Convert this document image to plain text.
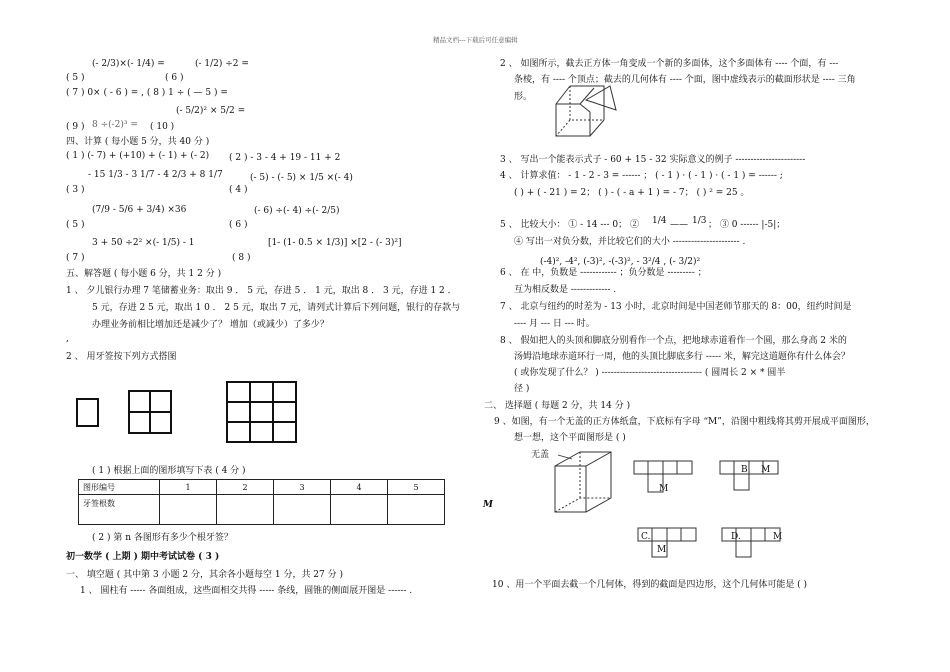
精品文档---下载后可任意编辑
(- 2/3)×(- 1/4) =
( 5 )
(- 1/2) ÷2 =
( 6 )
( 7 ) 0× ( - 6 ) = , ( 8 ) 1 ÷ ( — 5 ) =
(- 5/2)² × 5/2 =
( 9 ) 8 ÷(-2)³ = ( 10 )
四、计算 ( 每小题 5 分，共 40 分 )
( 1 ) (- 7) + (+10) + (- 1) + (- 2) ( 2 ) - 3 - 4 + 19 - 11 + 2
- 15 1/3 - 3 1/7 - 4 2/3 + 8 1/7
( 3 )
(- 5) - (- 5) × 1/5 ×(- 4)
( 4 )
(7/9 - 5/6 + 3/4) ×36
( 5 )
(- 6) ÷(- 4) ÷(- 2/5)
( 6 )
3 + 50 ÷2² ×(- 1/5) - 1
( 7 )
[1- (1- 0.5 × 1/3)] ×[2 - (- 3)²]
( 8 )
五、解答题 ( 每小题 6 分，共 1 2 分 )
1 、 夕儿银行办理 7 笔储蓄业务：取出 9 ． 5 元，存进 5 ． 1 元，取出 8 ． 3 元，存进 1 2 ．
5 元，存进 2 5 元，取出 1 0 ． 2 5 元，取出 7 元，请列式计算后下列问题，银行的存款与
办理业务前相比增加还是减少了？ 增加（或减少）了多少？
,
2 、 用牙签按下列方式搭图
( 1 ) 根据上面的图形填写下表 ( 4 分 )
图形编号	1	2	3	4	5
牙签根数					
( 2 ) 第 n 各图形有多少个根牙签？
初一数学 ( 上期 ) 期中考试试卷 ( 3 )
一、 填空题 ( 其中第 3 小题 2 分，其余各小题每空 1 分，共 27 分 )
1 、 圆柱有 ----- 各面组成，这些面相交共得 ----- 条线，圆锥的侧面展开图是 ------ .
2 、 如图所示，截去正方体一角变成一个新的多面体，这个多面体有 ---- 个面，有 ---
条棱，有 ---- 个顶点；截去的几何体有 ---- 个面，图中虚线表示的截面形状是 ---- 三角
形。
3 、 写出一个能表示式子 - 60 + 15 - 32 实际意义的例子 -----------------------
4 、 计算求值： - 1 - 2 - 3 = ------ ； ( - 1 ) · ( - 1 ) · ( - 1 ) = ------ ;
( ) + ( - 21 ) = 2； ( ) - ( - a + 1 ) = - 7； ( ) ² = 25 。
5 、 比较大小： ① - 14 --- 0； ② 1/4 —— 1/3 ； ③ 0 ------ |-5|；
④ 写出一对负分数，并比较它们的大小 ---------------------- .
(-4)², -4², (-3)², -(-3)², - 3²/4 , (- 3/2)²
6 、 在 中，负数是 ------------ ；负分数是 --------- ；
互为相反数是 ------------- .
7 、 北京与纽约的时差为 - 13 小时，北京时间是中国老师节那天的 8：00，纽约时间是
---- 月 --- 日 --- 时。
8 、 假如把人的头顶和脚底分别看作一个点，把地球赤道看作一个圆，那么身高 2 米的
汤姆沿地球赤道环行一周，他的头顶比脚底多行 ----- 米，解完这道题你有什么体会？
( 或你发现了什么？ ) --------------------------------- ( 圆周长 2 × * 圆半
径 )
二、 选择题 ( 每题 2 分，共 14 分 )
9 、如图，有一个无盖的正方体纸盒，下底标有字母 “M”，沿图中粗线将其剪开展成平面图形，
想一想，这个平面图形是 ( )
无盖
M
M
B. M
C.
M
D.	M
10 、用一个平面去截一个几何体，得到的截面是四边形，这个几何体可能是 ( )
